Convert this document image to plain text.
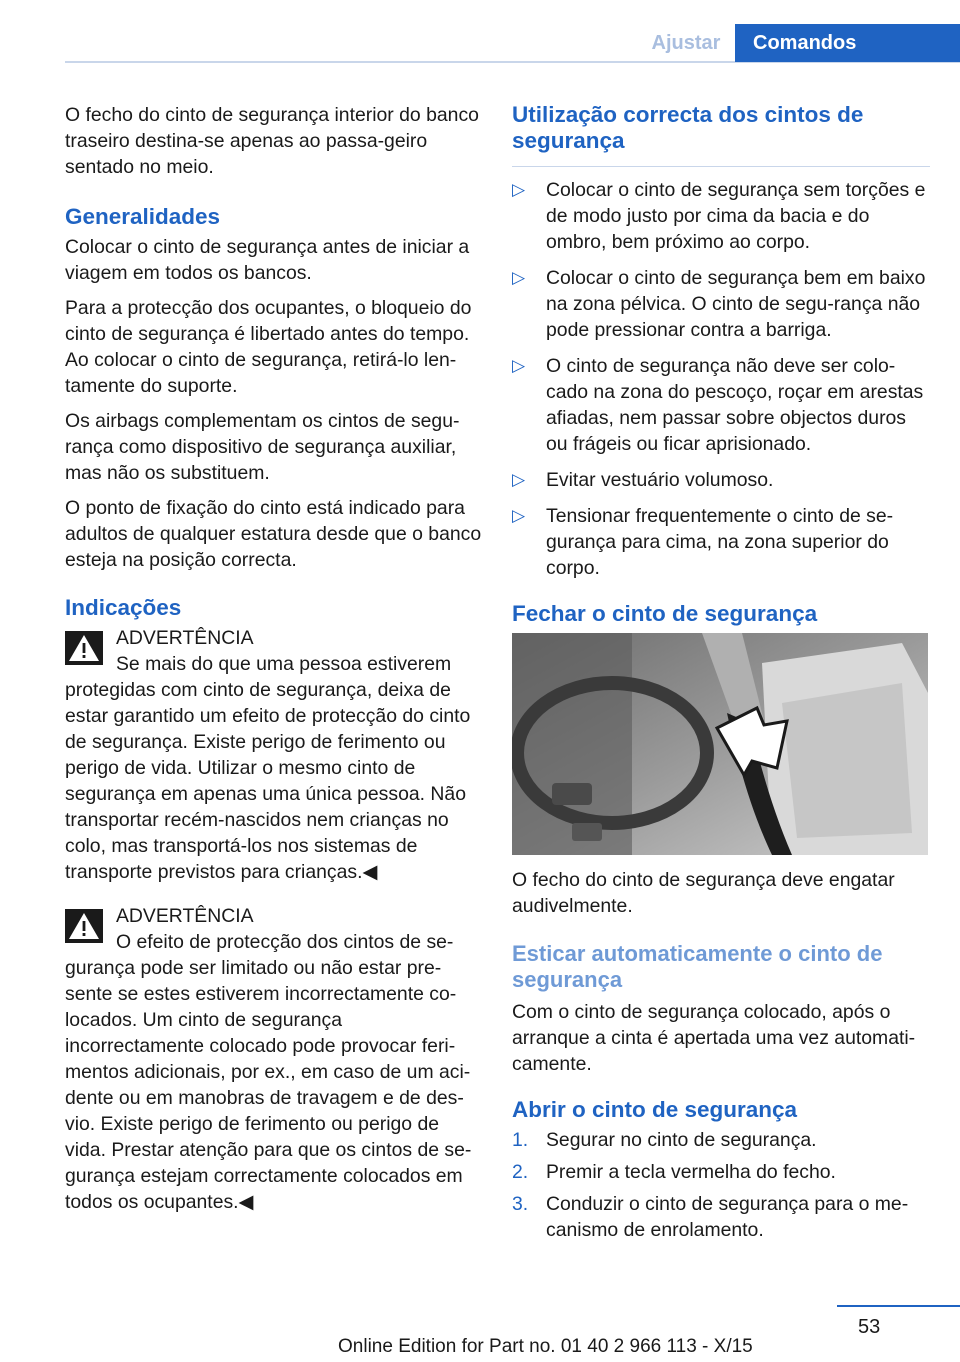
Ajustar	Comandos

O fecho do cinto de segurança interior do banco traseiro destina-se apenas ao passa-geiro sentado no meio.

Generalidades

Colocar o cinto de segurança antes de iniciar a viagem em todos os bancos.

Para a protecção dos ocupantes, o bloqueio do cinto de segurança é libertado antes do tempo. Ao colocar o cinto de segurança, retirá-lo len-tamente do suporte.

Os airbags complementam os cintos de segu-rança como dispositivo de segurança auxiliar, mas não os substituem.

O ponto de fixação do cinto está indicado para adultos de qualquer estatura desde que o banco esteja na posição correcta.

Indicações

ADVERTÊNCIA

Se mais do que uma pessoa estiverem

protegidas com cinto de segurança, deixa de estar garantido um efeito de protecção do cinto de segurança. Existe perigo de ferimento ou perigo de vida. Utilizar o mesmo cinto de segurança em apenas uma única pessoa. Não transportar recém-nascidos nem crianças no colo, mas transportá-los nos sistemas de transporte previstos para crianças.◀

ADVERTÊNCIA

O efeito de protecção dos cintos de se-

gurança pode ser limitado ou não estar pre-sente se estes estiverem incorrectamente co-locados. Um cinto de segurança incorrectamente colocado pode provocar feri-mentos adicionais, por ex., em caso de um aci-dente ou em manobras de travagem e de des-vio. Existe perigo de ferimento ou perigo de vida. Prestar atenção para que os cintos de se-gurança estejam correctamente colocados em todos os ocupantes.◀

Utilização correcta dos cintos de segurança
▷ Colocar o cinto de segurança sem torções e de modo justo por cima da bacia e do ombro, bem próximo ao corpo.
▷ Colocar o cinto de segurança bem em baixo na zona pélvica. O cinto de segu-rança não pode pressionar contra a barriga.
▷ O cinto de segurança não deve ser colo-cado na zona do pescoço, roçar em arestas afiadas, nem passar sobre objectos duros ou frágeis ou ficar aprisionado.
▷ Evitar vestuário volumoso.
▷ Tensionar frequentemente o cinto de se-gurança para cima, na zona superior do corpo.
Fechar o cinto de segurança

O fecho do cinto de segurança deve engatar audivelmente.

Esticar automaticamente o cinto de segurança

Com o cinto de segurança colocado, após o arranque a cinta é apertada uma vez automati-camente.

Abrir o cinto de segurança
1. Segurar no cinto de segurança.
2. Premir a tecla vermelha do fecho.
3. Conduzir o cinto de segurança para o me-canismo de enrolamento.
53
Online Edition for Part no. 01 40 2 966 113 - X/15
